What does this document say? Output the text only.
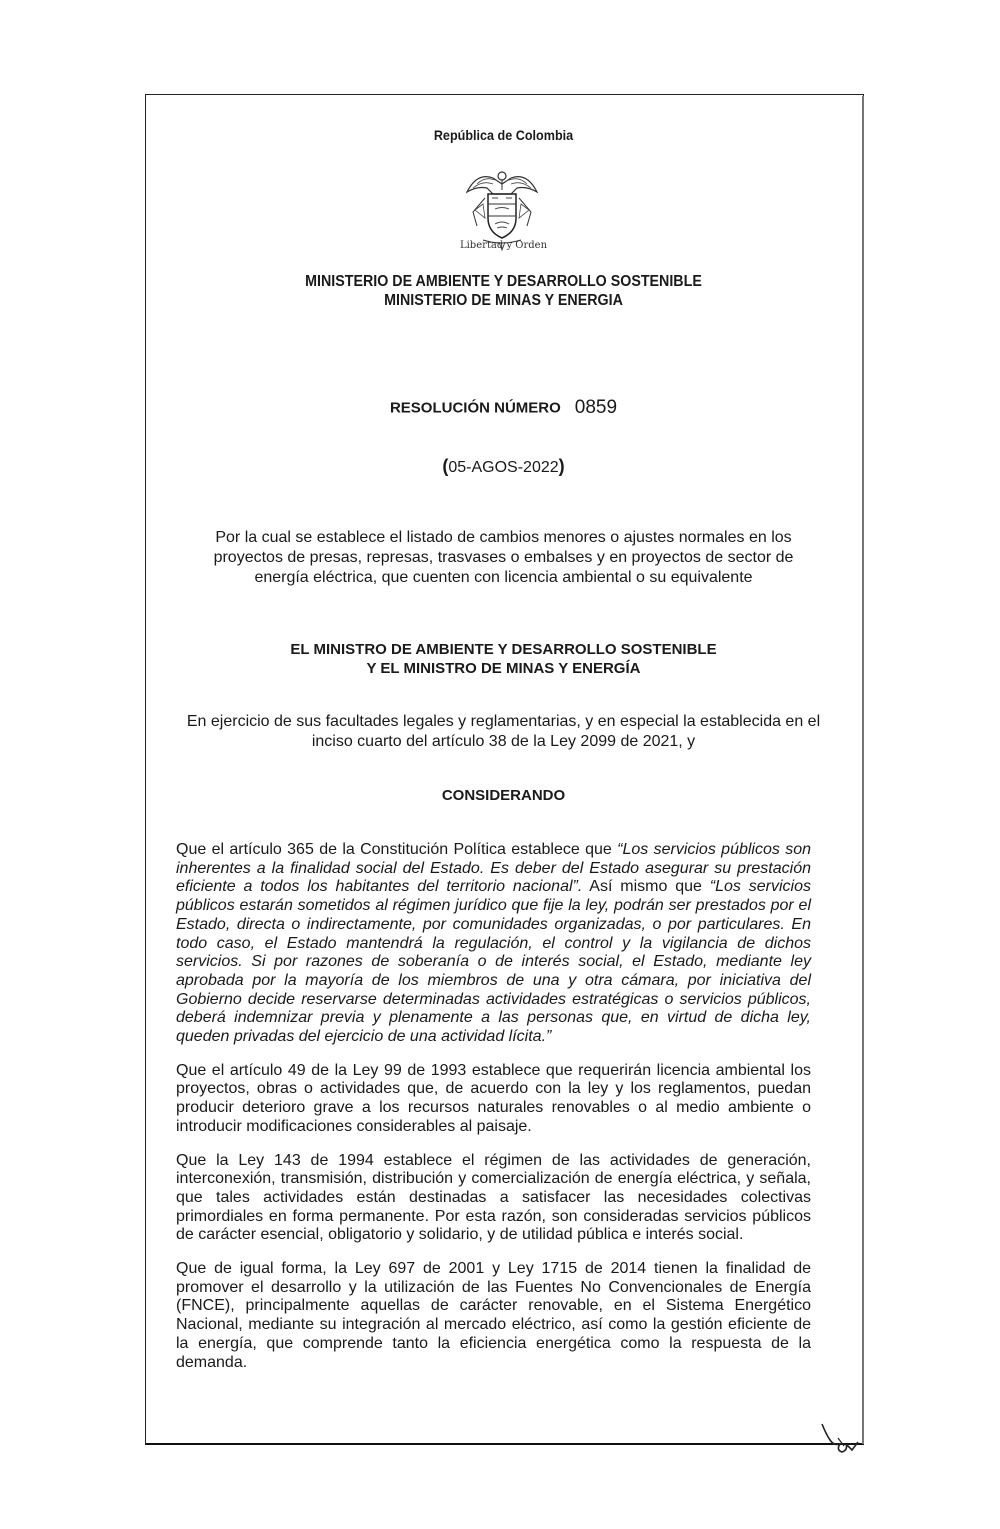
República de Colombia
Libertad y Orden
MINISTERIO DE AMBIENTE Y DESARROLLO SOSTENIBLE
MINISTERIO DE MINAS Y ENERGIA
RESOLUCIÓN NÚMERO 0859
(05-AGOS-2022)
Por la cual se establece el listado de cambios menores o ajustes normales en los proyectos de presas, represas, trasvases o embalses y en proyectos de sector de energía eléctrica, que cuenten con licencia ambiental o su equivalente
EL MINISTRO DE AMBIENTE Y DESARROLLO SOSTENIBLE
Y EL MINISTRO DE MINAS Y ENERGÍA
En ejercicio de sus facultades legales y reglamentarias, y en especial la establecida en el inciso cuarto del artículo 38 de la Ley 2099 de 2021, y
CONSIDERANDO

Que el artículo 365 de la Constitución Política establece que “Los servicios públicos son inherentes a la finalidad social del Estado. Es deber del Estado asegurar su prestación eficiente a todos los habitantes del territorio nacional”. Así mismo que “Los servicios públicos estarán sometidos al régimen jurídico que fije la ley, podrán ser prestados por el Estado, directa o indirectamente, por comunidades organizadas, o por particulares. En todo caso, el Estado mantendrá la regulación, el control y la vigilancia de dichos servicios. Si por razones de soberanía o de interés social, el Estado, mediante ley aprobada por la mayoría de los miembros de una y otra cámara, por iniciativa del Gobierno decide reservarse determinadas actividades estratégicas o servicios públicos, deberá indemnizar previa y plenamente a las personas que, en virtud de dicha ley, queden privadas del ejercicio de una actividad lícita.”

Que el artículo 49 de la Ley 99 de 1993 establece que requerirán licencia ambiental los proyectos, obras o actividades que, de acuerdo con la ley y los reglamentos, puedan producir deterioro grave a los recursos naturales renovables o al medio ambiente o introducir modificaciones considerables al paisaje.

Que la Ley 143 de 1994 establece el régimen de las actividades de generación, interconexión, transmisión, distribución y comercialización de energía eléctrica, y señala, que tales actividades están destinadas a satisfacer las necesidades colectivas primordiales en forma permanente. Por esta razón, son consideradas servicios públicos de carácter esencial, obligatorio y solidario, y de utilidad pública e interés social.

Que de igual forma, la Ley 697 de 2001 y Ley 1715 de 2014 tienen la finalidad de promover el desarrollo y la utilización de las Fuentes No Convencionales de Energía (FNCE), principalmente aquellas de carácter renovable, en el Sistema Energético Nacional, mediante su integración al mercado eléctrico, así como la gestión eficiente de la energía, que comprende tanto la eficiencia energética como la respuesta de la demanda.
